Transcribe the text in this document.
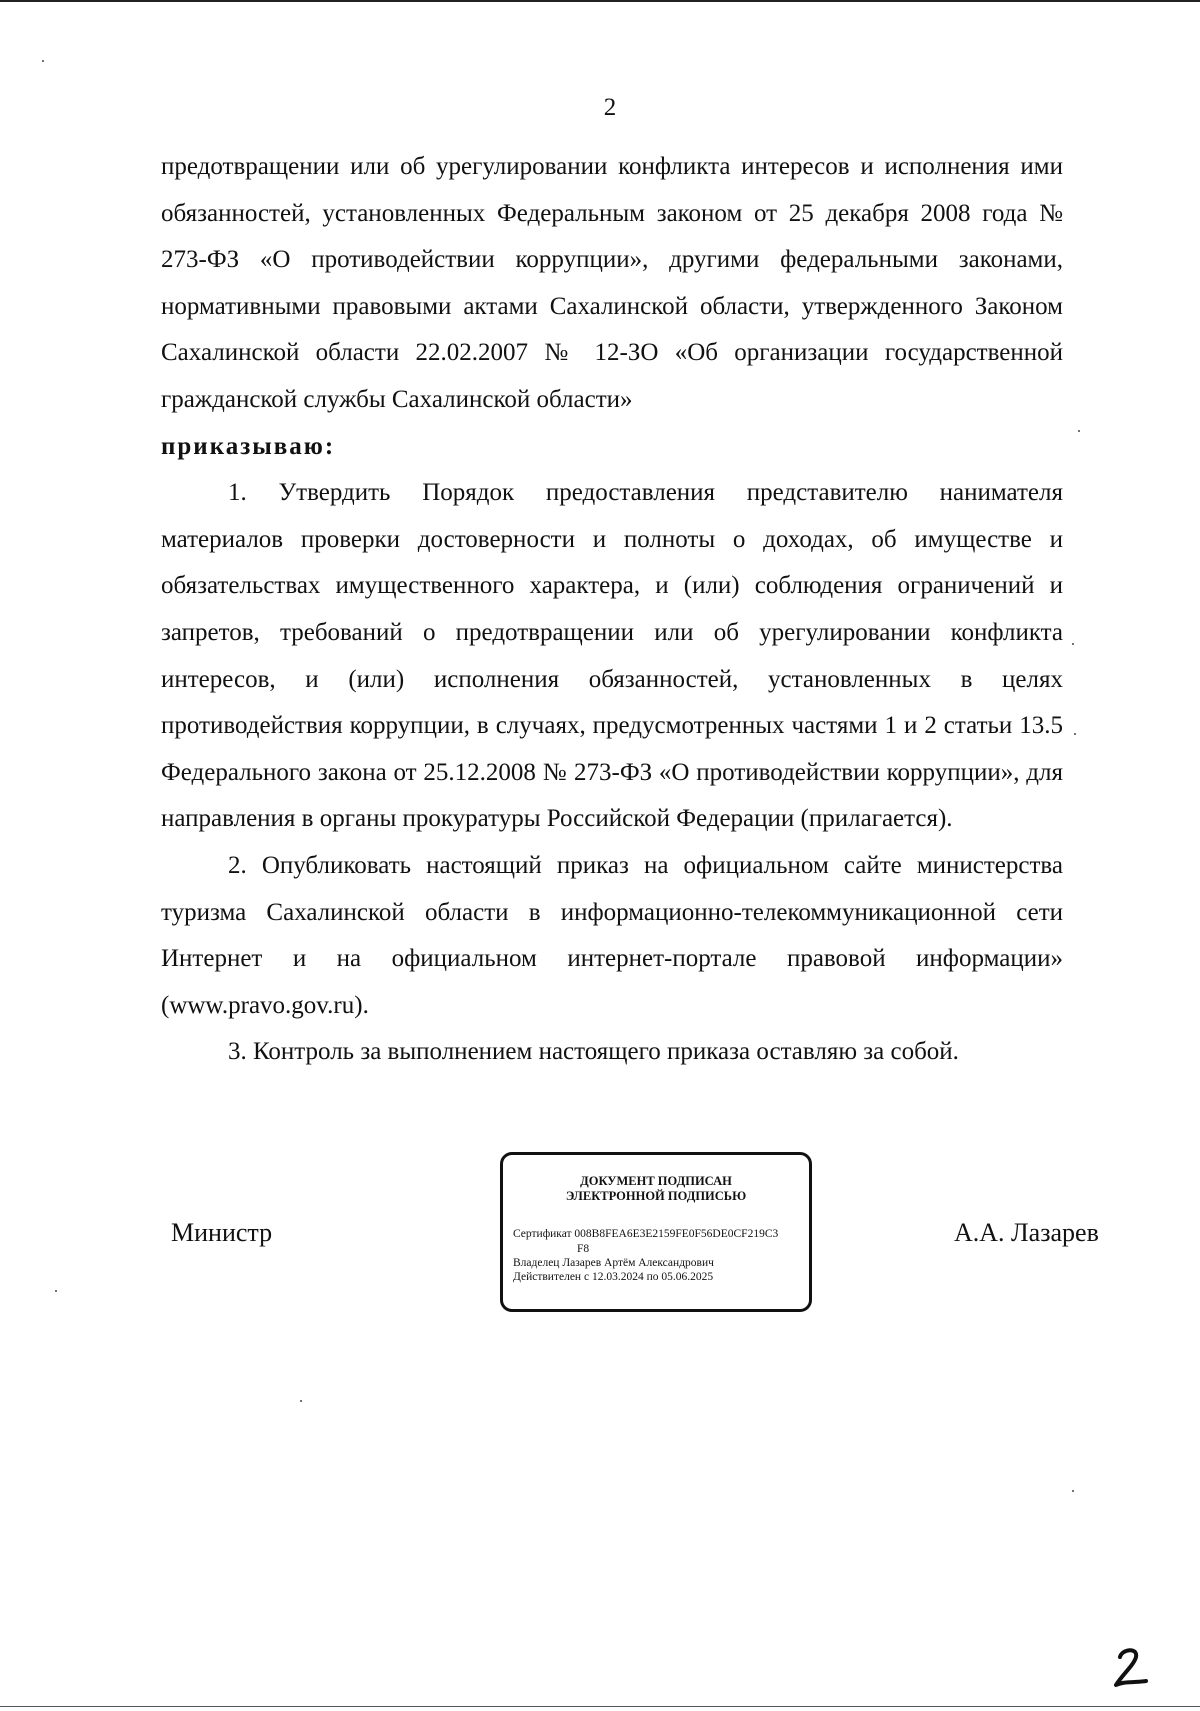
2

предотвращении или об урегулировании конфликта интересов и исполнения ими обязанностей, установленных Федеральным законом от 25 декабря 2008 года № 273-ФЗ «О противодействии коррупции», другими федеральными законами, нормативными правовыми актами Сахалинской области, утвержденного Законом Сахалинской области 22.02.2007 № 12-ЗО «Об организации государственной гражданской службы Сахалинской области»

приказываю:

1. Утвердить Порядок предоставления представителю нанимателя материалов проверки достоверности и полноты о доходах, об имуществе и обязательствах имущественного характера, и (или) соблюдения ограничений и запретов, требований о предотвращении или об урегулировании конфликта интересов, и (или) исполнения обязанностей, установленных в целях противодействия коррупции, в случаях, предусмотренных частями 1 и 2 статьи 13.5 Федерального закона от 25.12.2008 № 273-ФЗ «О противодействии коррупции», для направления в органы прокуратуры Российской Федерации (прилагается).

2. Опубликовать настоящий приказ на официальном сайте министерства туризма Сахалинской области в информационно-телекоммуникационной сети Интернет и на официальном интернет-портале правовой информации» (www.pravo.gov.ru).

3. Контроль за выполнением настоящего приказа оставляю за собой.

Министр
ДОКУМЕНТ ПОДПИСАН
ЭЛЕКТРОННОЙ ПОДПИСЬЮ
Сертификат 008B8FEA6E3E2159FE0F56DE0CF219C3
F8
Владелец Лазарев Артём Александрович
Действителен с 12.03.2024 по 05.06.2025
А.А. Лазарев
